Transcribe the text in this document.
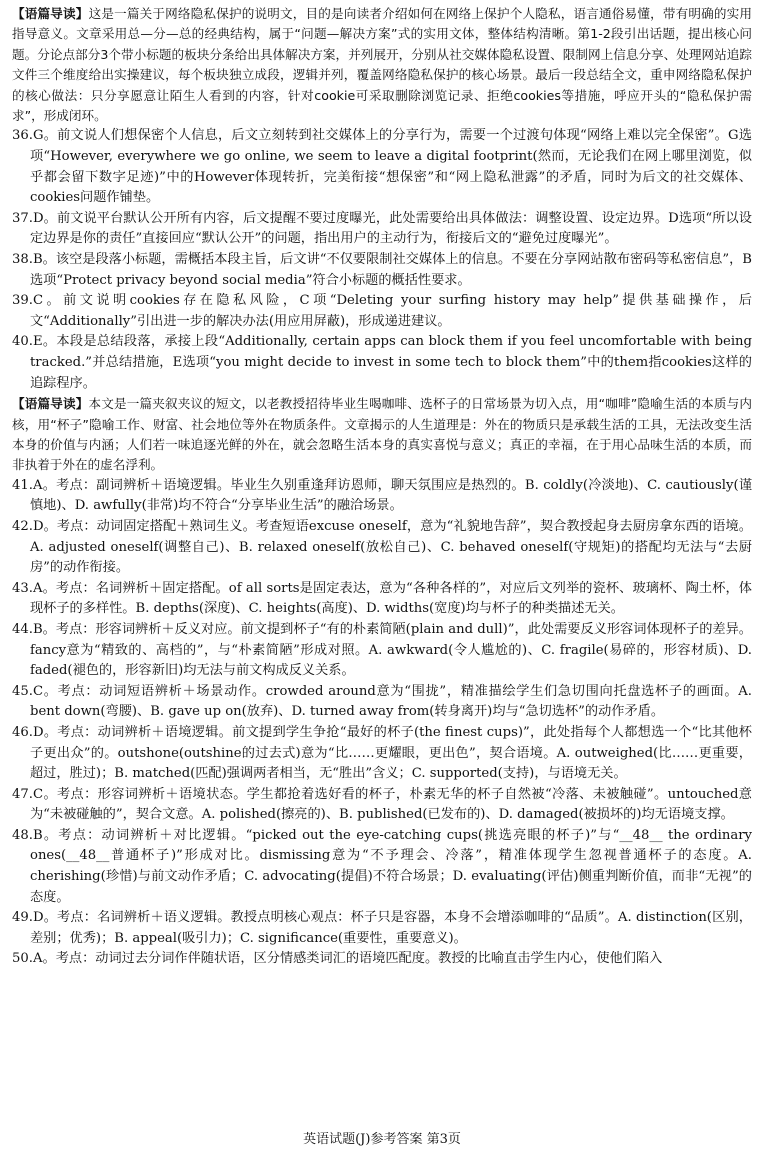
【语篇导读】这是一篇关于网络隐私保护的说明文，目的是向读者介绍如何在网络上保护个人隐私，语言通俗易懂，带有明确的实用指导意义。文章采用总—分—总的经典结构，属于“问题—解决方案”式的实用文体，整体结构清晰。第1-2段引出话题，提出核心问题。分论点部分3个带小标题的板块分条给出具体解决方案，并列展开，分别从社交媒体隐私设置、限制网上信息分享、处理网站追踪文件三个维度给出实操建议，每个板块独立成段，逻辑并列，覆盖网络隐私保护的核心场景。最后一段总结全文，重申网络隐私保护的核心做法：只分享愿意让陌生人看到的内容，针对cookie可采取删除浏览记录、拒绝cookies等措施，呼应开头的“隐私保护需求”，形成闭环。

36.G。前文说人们想保密个人信息，后文立刻转到社交媒体上的分享行为，需要一个过渡句体现“网络上难以完全保密”。G选项“However, everywhere we go online, we seem to leave a digital footprint(然而，无论我们在网上哪里浏览，似乎都会留下数字足迹)”中的However体现转折，完美衔接“想保密”和“网上隐私泄露”的矛盾，同时为后文的社交媒体、cookies问题作铺垫。

37.D。前文说平台默认公开所有内容，后文提醒不要过度曝光，此处需要给出具体做法：调整设置、设定边界。D选项“所以设定边界是你的责任”直接回应“默认公开”的问题，指出用户的主动行为，衔接后文的“避免过度曝光”。

38.B。该空是段落小标题，需概括本段主旨，后文讲“不仅要限制社交媒体上的信息。不要在分享网站散布密码等私密信息”，B选项“Protect privacy beyond social media”符合小标题的概括性要求。

39.C。前文说明cookies存在隐私风险，C项“Deleting your surfing history may help”提供基础操作，后文“Additionally”引出进一步的解决办法(用应用屏蔽)，形成递进建议。

40.E。本段是总结段落，承接上段“Additionally, certain apps can block them if you feel uncomfortable with being tracked.”并总结措施，E选项“you might decide to invest in some tech to block them”中的them指cookies这样的追踪程序。

【语篇导读】本文是一篇夹叙夹议的短文，以老教授招待毕业生喝咖啡、选杯子的日常场景为切入点，用“咖啡”隐喻生活的本质与内核，用“杯子”隐喻工作、财富、社会地位等外在物质条件。文章揭示的人生道理是：外在的物质只是承载生活的工具，无法改变生活本身的价值与内涵；人们若一味追逐光鲜的外在，就会忽略生活本身的真实喜悦与意义；真正的幸福，在于用心品味生活的本质，而非执着于外在的虚名浮利。

41.A。考点：副词辨析＋语境逻辑。毕业生久别重逢拜访恩师，聊天氛围应是热烈的。B. coldly(冷淡地)、C. cautiously(谨慎地)、D. awfully(非常)均不符合“分享毕业生活”的融洽场景。

42.D。考点：动词固定搭配＋熟词生义。考查短语excuse oneself，意为“礼貌地告辞”，契合教授起身去厨房拿东西的语境。A. adjusted oneself(调整自己)、B. relaxed oneself(放松自己)、C. behaved oneself(守规矩)的搭配均无法与“去厨房”的动作衔接。

43.A。考点：名词辨析＋固定搭配。of all sorts是固定表达，意为“各种各样的”，对应后文列举的瓷杯、玻璃杯、陶土杯，体现杯子的多样性。B. depths(深度)、C. heights(高度)、D. widths(宽度)均与杯子的种类描述无关。

44.B。考点：形容词辨析＋反义对应。前文提到杯子“有的朴素简陋(plain and dull)”，此处需要反义形容词体现杯子的差异。fancy意为“精致的、高档的”，与“朴素简陋”形成对照。A. awkward(令人尴尬的)、C. fragile(易碎的，形容材质)、D. faded(褪色的，形容新旧)均无法与前文构成反义关系。

45.C。考点：动词短语辨析＋场景动作。crowded around意为“围拢”，精准描绘学生们急切围向托盘选杯子的画面。A. bent down(弯腰)、B. gave up on(放弃)、D. turned away from(转身离开)均与“急切选杯”的动作矛盾。

46.D。考点：动词辨析＋语境逻辑。前文提到学生争抢“最好的杯子(the finest cups)”，此处指每个人都想选一个“比其他杯子更出众”的。outshone(outshine的过去式)意为“比……更耀眼，更出色”，契合语境。A. outweighed(比……更重要，超过，胜过)；B. matched(匹配)强调两者相当，无“胜出”含义；C. supported(支持)，与语境无关。

47.C。考点：形容词辨析＋语境状态。学生都抢着选好看的杯子，朴素无华的杯子自然被“冷落、未被触碰”。untouched意为“未被碰触的”，契合文意。A. polished(擦亮的)、B. published(已发布的)、D. damaged(被损坏的)均无语境支撑。

48.B。考点：动词辨析＋对比逻辑。“picked out the eye-catching cups(挑选亮眼的杯子)”与“__48__ the ordinary ones(__48__普通杯子)”形成对比。dismissing意为“不予理会、冷落”，精准体现学生忽视普通杯子的态度。A. cherishing(珍惜)与前文动作矛盾；C. advocating(提倡)不符合场景；D. evaluating(评估)侧重判断价值，而非“无视”的态度。

49.D。考点：名词辨析＋语义逻辑。教授点明核心观点：杯子只是容器，本身不会增添咖啡的“品质”。A. distinction(区别，差别；优秀)；B. appeal(吸引力)；C. significance(重要性，重要意义)。

50.A。考点：动词过去分词作伴随状语，区分情感类词汇的语境匹配度。教授的比喻直击学生内心，使他们陷入

英语试题(J)参考答案 第3页
